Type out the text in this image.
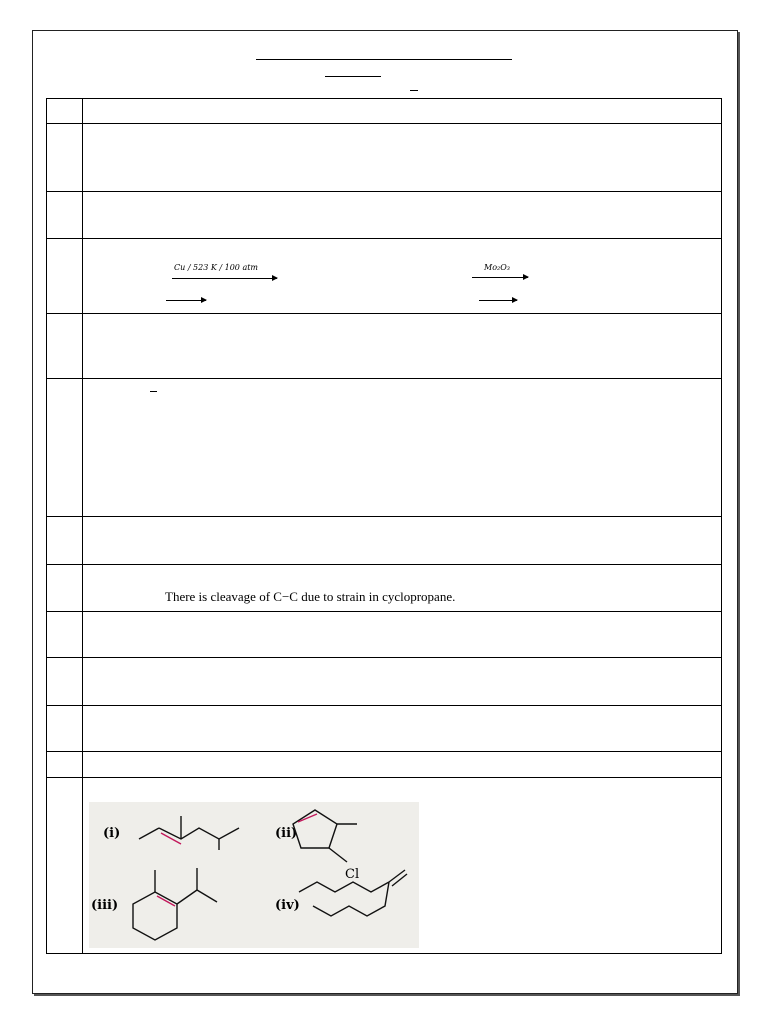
	Cu / 523 K / 100 atm Mo₂O₃

	There is cleavage of C−C due to strain in cyclopropane.

(i) (ii)
Cl
(iii) (iv)
